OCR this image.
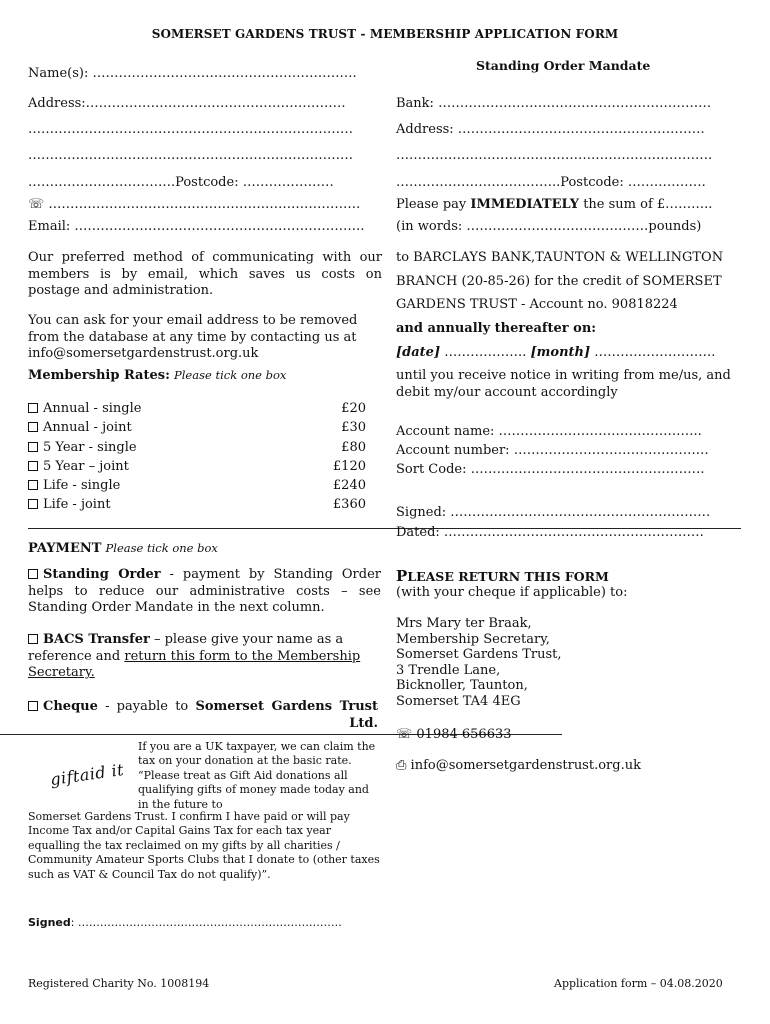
SOMERSET GARDENS TRUST - MEMBERSHIP APPLICATION FORM
Name(s): …………………………………………………….
Address:……………………………………………………
…………………………………………………………………
…………………………………………………………………
…………………………….Postcode: …………………
☏ ………………………………………………………………
Email: ………………………………………………………….
Our preferred method of communicating with our members is by email, which saves us costs on postage and administration.
You can ask for your email address to be removed from the database at any time by contacting us at info@somersetgardenstrust.org.uk
Membership Rates: Please tick one box
Annual - single	£20
Annual - joint	£30
5 Year - single	£80
5 Year – joint	£120
Life - single	£240
Life - joint	£360
PAYMENT Please tick one box
Standing Order - payment by Standing Order helps to reduce our administrative costs – see Standing Order Mandate in the next column.
BACS Transfer – please give your name as a reference and return this form to the Membership Secretary.
Cheque - payable to Somerset Gardens Trust Ltd.
giftaid it
If you are a UK taxpayer, we can claim the tax on your donation at the basic rate. “Please treat as Gift Aid donations all qualifying gifts of money made today and in the future to
Somerset Gardens Trust. I confirm I have paid or will pay Income Tax and/or Capital Gains Tax for each tax year equalling the tax reclaimed on my gifts by all charities / Community Amateur Sports Clubs that I donate to (other taxes such as VAT & Council Tax do not qualify)”.
Signed: ………………………………………………………………
Standing Order Mandate
Bank: ………………………………………………………
Address: …………………………………………………
……………………………………………………………….
………………………………..Postcode: ………………
Please pay IMMEDIATELY the sum of £………..
(in words: ……………………………………pounds)
to BARCLAYS BANK,TAUNTON & WELLINGTON
BRANCH (20-85-26) for the credit of SOMERSET
GARDENS TRUST - Account no. 90818224
and annually thereafter on:
[date] ………………. [month] ……………………….
until you receive notice in writing from me/us, and debit my/our account accordingly
Account name: ………………………………………..
Account number: ………………………………………
Sort Code: ………………………………………………
Signed: ……………………………………………………
Dated: ……………………………………………………
PLEASE RETURN THIS FORM
(with your cheque if applicable) to:
Mrs Mary ter Braak,
Membership Secretary,
Somerset Gardens Trust,
3 Trendle Lane,
Bicknoller, Taunton,
Somerset TA4 4EG
☏ 01984 656633
⎙ info@somersetgardenstrust.org.uk
Registered Charity No. 1008194	Application form – 04.08.2020
